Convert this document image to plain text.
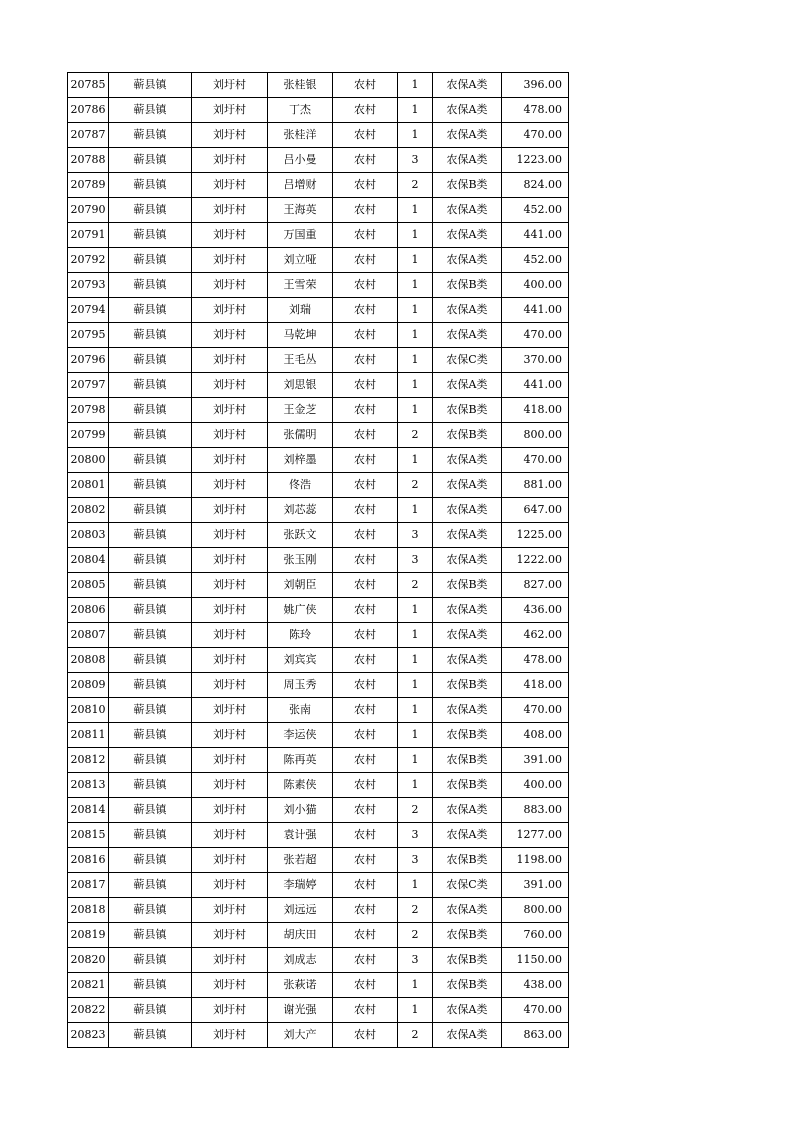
20785	蕲县镇	刘圩村	张桂银	农村	1	农保A类	396.00
20786	蕲县镇	刘圩村	丁杰	农村	1	农保A类	478.00
20787	蕲县镇	刘圩村	张桂洋	农村	1	农保A类	470.00
20788	蕲县镇	刘圩村	吕小曼	农村	3	农保A类	1223.00
20789	蕲县镇	刘圩村	吕增财	农村	2	农保B类	824.00
20790	蕲县镇	刘圩村	王海英	农村	1	农保A类	452.00
20791	蕲县镇	刘圩村	万国重	农村	1	农保A类	441.00
20792	蕲县镇	刘圩村	刘立哑	农村	1	农保A类	452.00
20793	蕲县镇	刘圩村	王雪荣	农村	1	农保B类	400.00
20794	蕲县镇	刘圩村	刘瑞	农村	1	农保A类	441.00
20795	蕲县镇	刘圩村	马乾坤	农村	1	农保A类	470.00
20796	蕲县镇	刘圩村	王毛丛	农村	1	农保C类	370.00
20797	蕲县镇	刘圩村	刘思银	农村	1	农保A类	441.00
20798	蕲县镇	刘圩村	王金芝	农村	1	农保B类	418.00
20799	蕲县镇	刘圩村	张儒明	农村	2	农保B类	800.00
20800	蕲县镇	刘圩村	刘梓墨	农村	1	农保A类	470.00
20801	蕲县镇	刘圩村	佟浩	农村	2	农保A类	881.00
20802	蕲县镇	刘圩村	刘芯蕊	农村	1	农保A类	647.00
20803	蕲县镇	刘圩村	张跃文	农村	3	农保A类	1225.00
20804	蕲县镇	刘圩村	张玉刚	农村	3	农保A类	1222.00
20805	蕲县镇	刘圩村	刘朝臣	农村	2	农保B类	827.00
20806	蕲县镇	刘圩村	姚广侠	农村	1	农保A类	436.00
20807	蕲县镇	刘圩村	陈玲	农村	1	农保A类	462.00
20808	蕲县镇	刘圩村	刘宾宾	农村	1	农保A类	478.00
20809	蕲县镇	刘圩村	周玉秀	农村	1	农保B类	418.00
20810	蕲县镇	刘圩村	张南	农村	1	农保A类	470.00
20811	蕲县镇	刘圩村	李运侠	农村	1	农保B类	408.00
20812	蕲县镇	刘圩村	陈再英	农村	1	农保B类	391.00
20813	蕲县镇	刘圩村	陈素侠	农村	1	农保B类	400.00
20814	蕲县镇	刘圩村	刘小猫	农村	2	农保A类	883.00
20815	蕲县镇	刘圩村	袁计强	农村	3	农保A类	1277.00
20816	蕲县镇	刘圩村	张若超	农村	3	农保B类	1198.00
20817	蕲县镇	刘圩村	李瑞婷	农村	1	农保C类	391.00
20818	蕲县镇	刘圩村	刘远远	农村	2	农保A类	800.00
20819	蕲县镇	刘圩村	胡庆田	农村	2	农保B类	760.00
20820	蕲县镇	刘圩村	刘成志	农村	3	农保B类	1150.00
20821	蕲县镇	刘圩村	张萩诺	农村	1	农保B类	438.00
20822	蕲县镇	刘圩村	谢光强	农村	1	农保A类	470.00
20823	蕲县镇	刘圩村	刘大产	农村	2	农保A类	863.00
